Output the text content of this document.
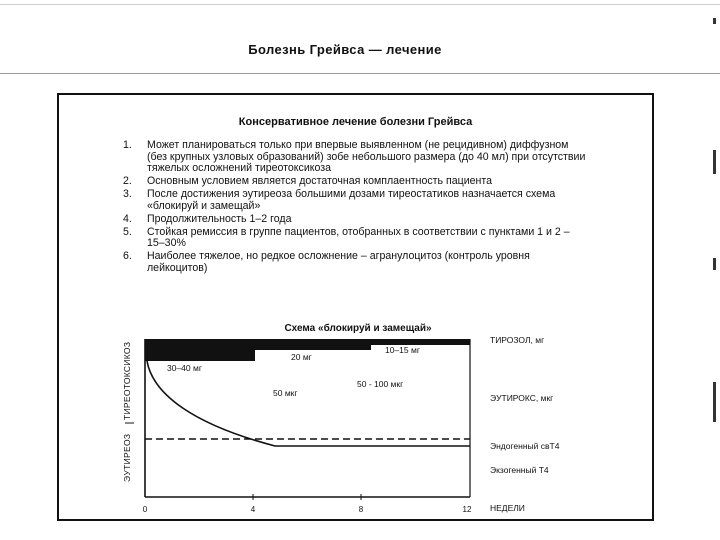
Болезнь Грейвса — лечение
Консервативное лечение болезни Грейвса
1. Может планироваться только при впервые выявленном (не рецидивном) диффузном (без крупных узловых образований) зобе небольшого размера (до 40 мл) при отсутствии тяжелых осложнений тиреотоксикоза
2. Основным условием является достаточная комплаентность пациента
3. После достижения эутиреоза большими дозами тиреостатиков назначается схема «блокируй и замещай»
4. Продолжительность 1–2 года
5. Стойкая ремиссия в группе пациентов, отобранных в соответствии с пунктами 1 и 2 – 15–30%
6. Наиболее тяжелое, но редкое осложнение – агранулоцитоз (контроль уровня лейкоцитов)
Схема «блокируй и замещай»
30–40 мг
20 мг
10–15 мг
50 мкг
50 - 100 мкг
ТИРЕОТОКСИКОЗ
ЭУТИРЕОЗ
ТИРОЗОЛ, мг
ЭУТИРОКС, мкг
Эндогенный свТ4
Экзогенный Т4
НЕДЕЛИ
0	4	8	12
